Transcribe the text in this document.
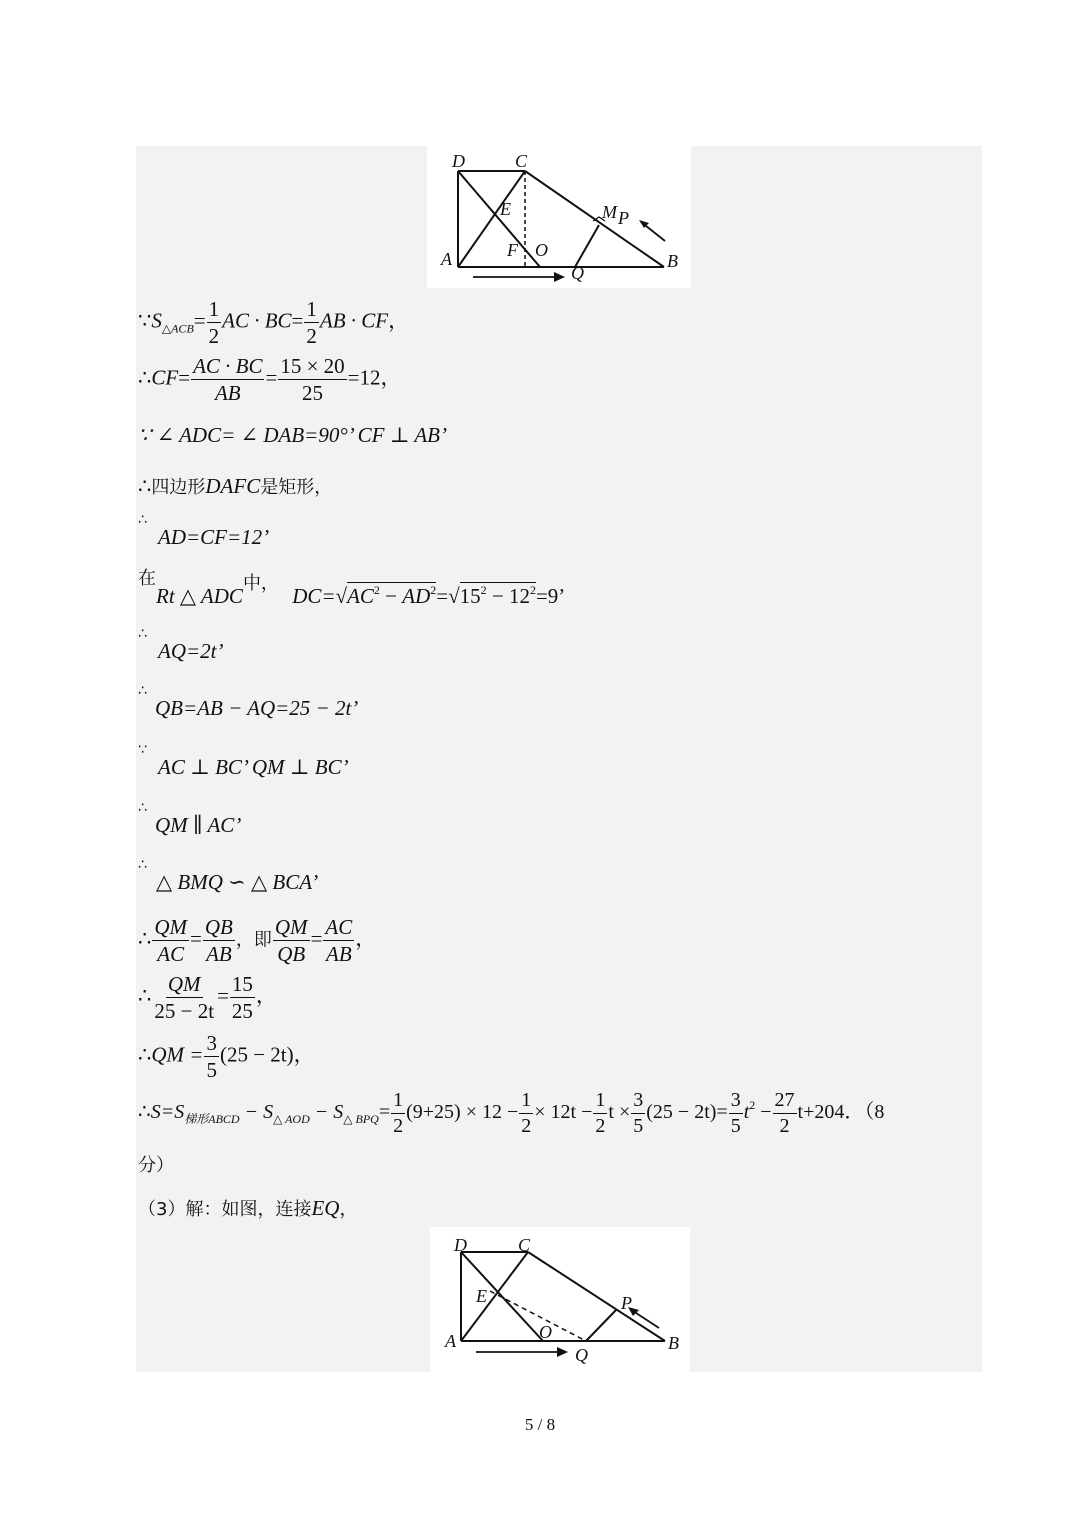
D	C
E	M P
A	F O
Q
B
$\because S_{\triangle ACB}= \frac{1}{2}$ AC · $BC= \frac{1}{2}$ AB · CF，
∴CF= $\frac{AC \cdot BC}{AB} = \frac{15 \times 20}{25} =12$，
∵ ∠ ADC= ∠ DAB=90°’ CF ⊥ AB’
∴四边形DAFC是矩形，
∴
AD=CF=12’
在
Rt △ ADC中， $DC=√AC^2 - AD^2=√15^2 - 12^2=9$’
∴
AQ=2t’
∴
QB=AB − AQ=25 − 2t’
∵
AC ⊥ BC’ QM ⊥ BC’
∴
QM ∥ AC’
∴
△ BMQ ∽ △ BCA’
∴ $\frac{QM}{AC} = \frac{QB}{AB}$ ，即 $\frac{QM}{QB} = \frac{AC}{AB}$ ，
∴ $\frac{QM}{25 - 2t} = \frac{15}{25}$ ，
∴QM = $\frac{3}{5} (25 - 2t)$，
$\therefore S=S_{梯形ABCD} - S_{\triangle AOD} - S_{\triangle BPQ}= \frac{1}{2} (9+25) \times 12 - \frac{1}{2} \times 12t - \frac{1}{2}$ $t \times \frac{3}{5} (25 - 2t)= \frac{3}{5} t^2 - \frac{27}{2} t+204$．（8
分）
（3）解：如图，连接EQ，
D	C
E	P
A	O
Q
B
5 / 8
